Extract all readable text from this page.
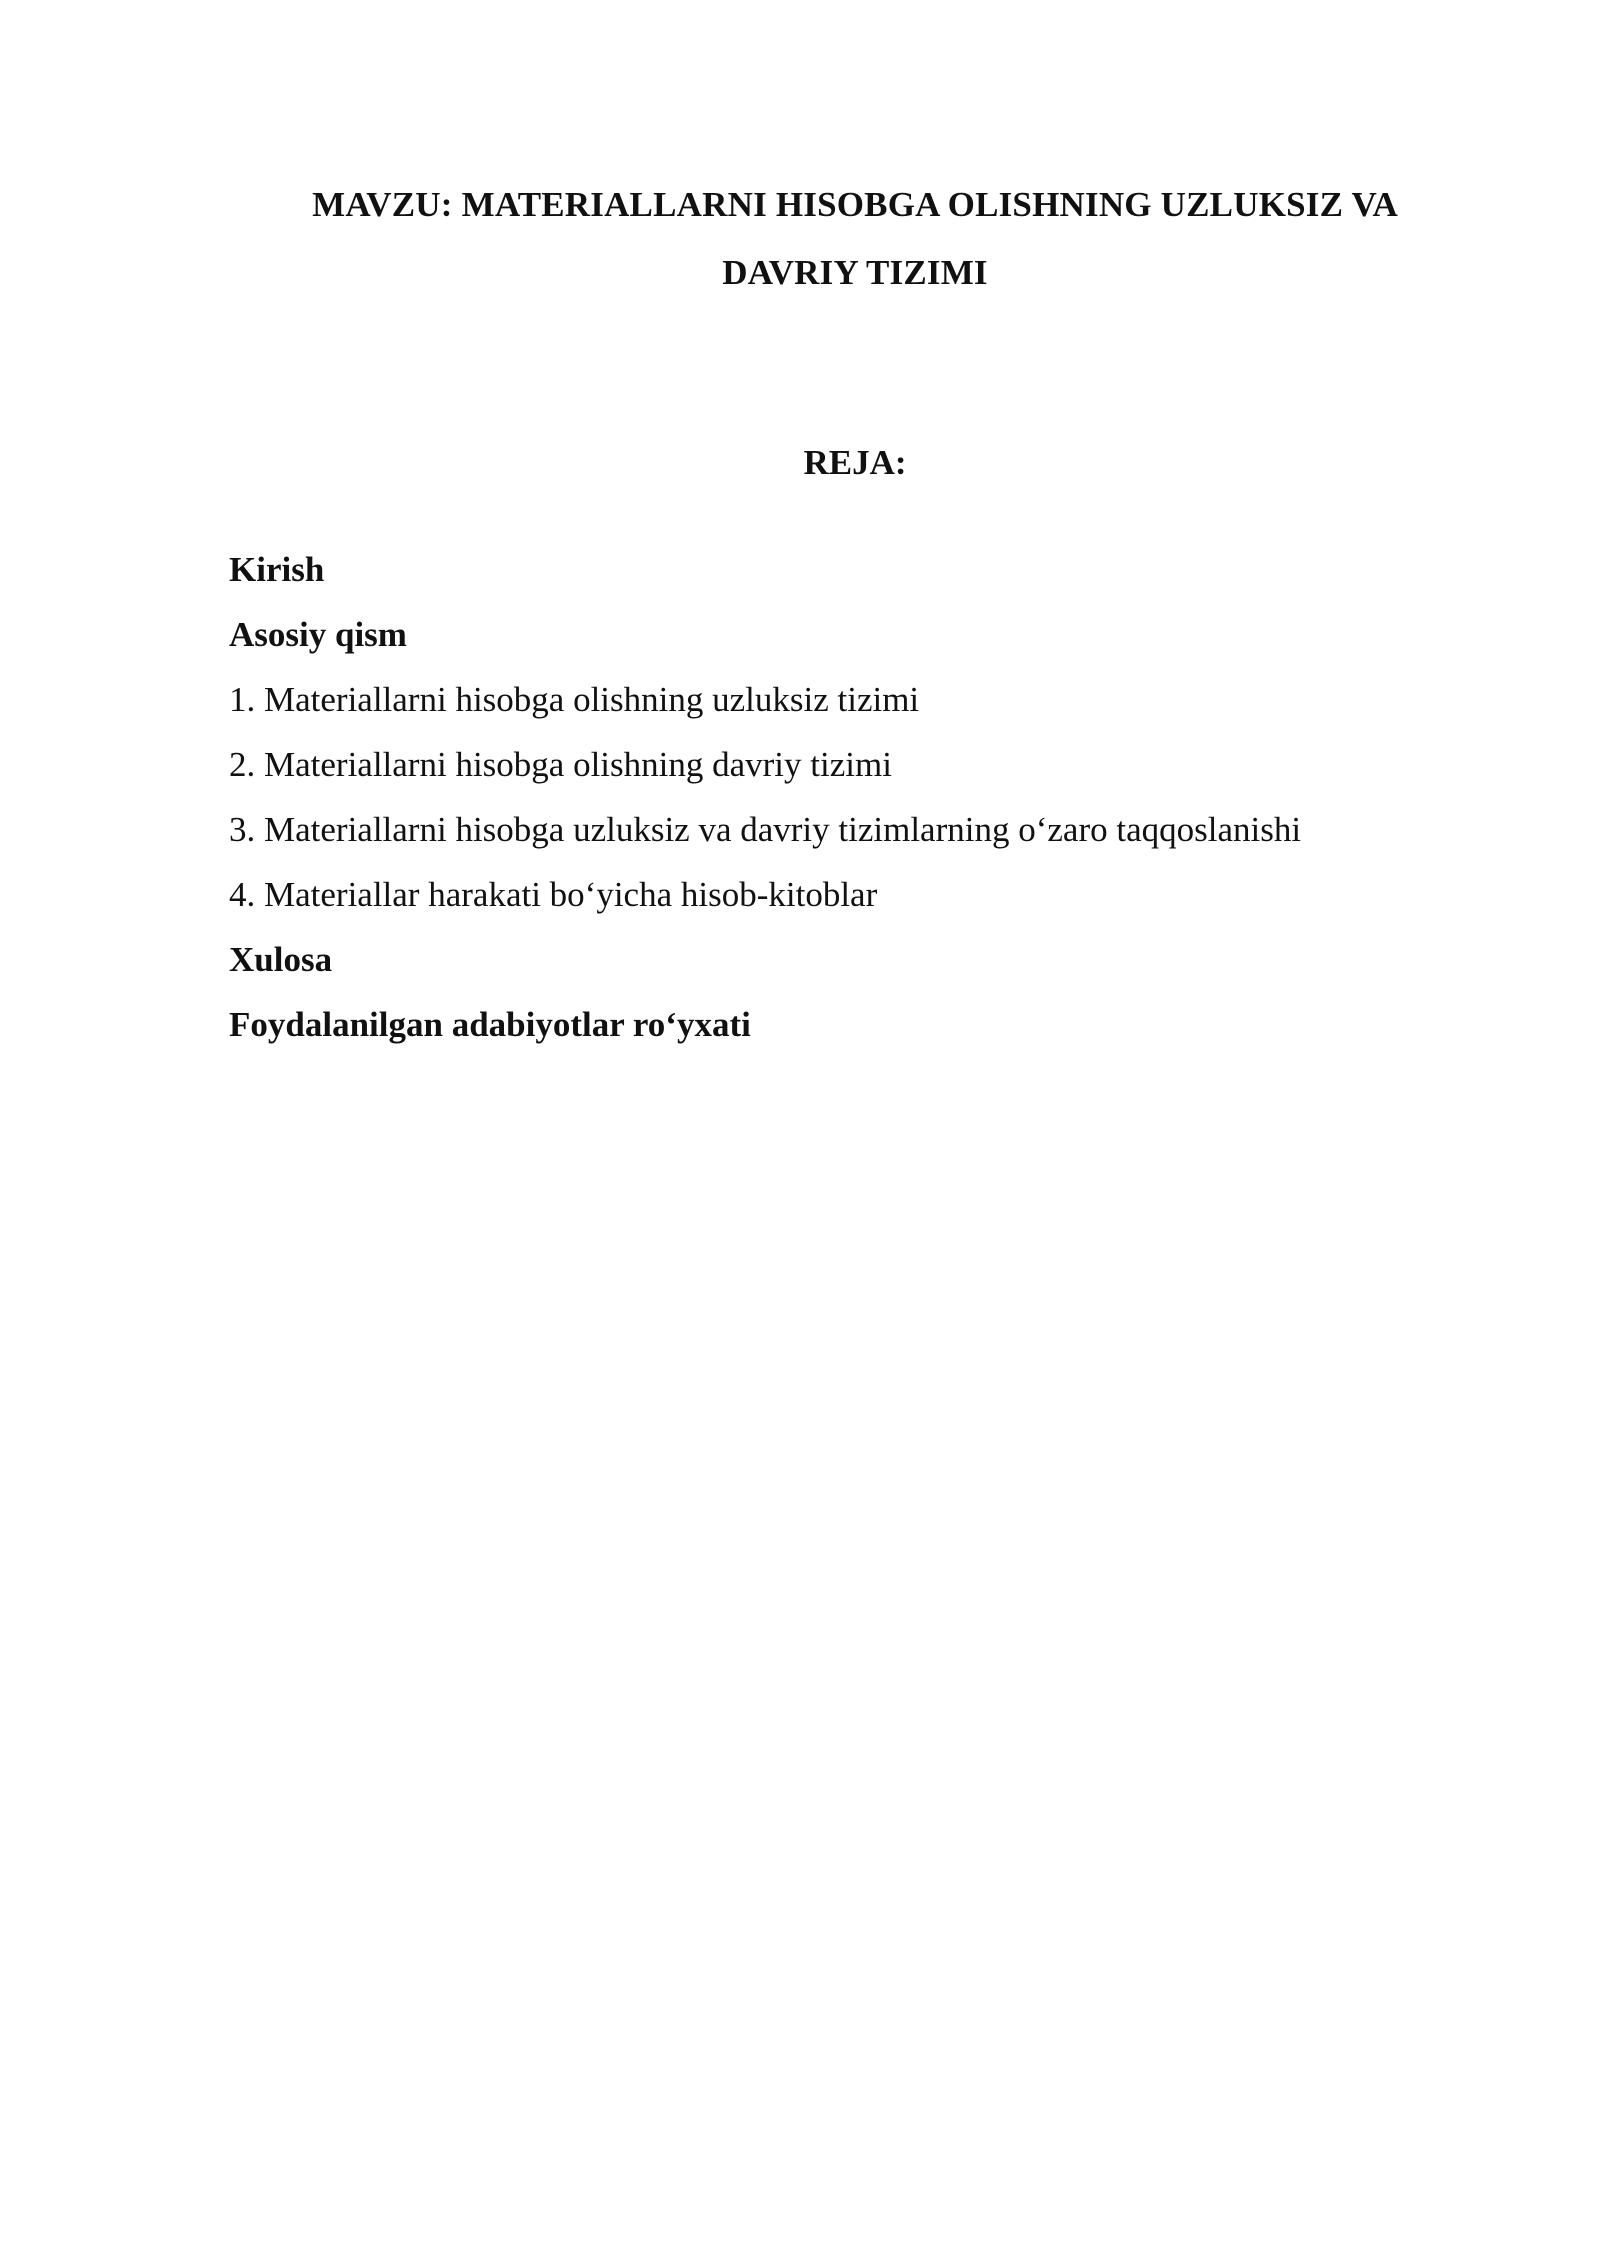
MAVZU: MATERIALLARNI HISOBGA OLISHNING UZLUKSIZ VA
DAVRIY TIZIMI
REJA:
Kirish
Asosiy qism
1. Materiallarni hisobga olishning uzluksiz tizimi
2. Materiallarni hisobga olishning davriy tizimi
3. Materiallarni hisobga uzluksiz va davriy tizimlarning o‘zaro taqqoslanishi
4. Materiallar harakati bo‘yicha hisob-kitoblar
Xulosa
Foydalanilgan adabiyotlar ro‘yxati
